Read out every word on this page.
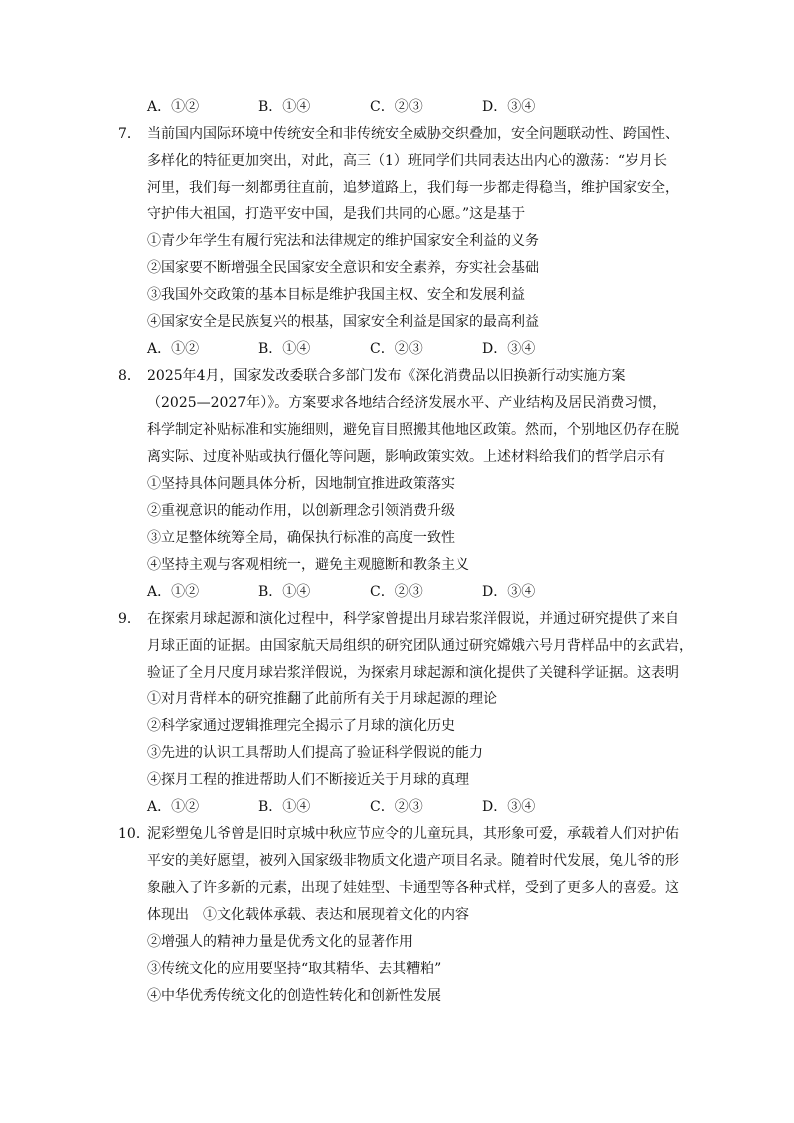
A．①②	B．①④	C．②③	D．③④
7． 当前国内国际环境中传统安全和非传统安全威胁交织叠加，安全问题联动性、跨国性、
多样化的特征更加突出，对此，高三（1）班同学们共同表达出内心的激荡：“岁月长
河里，我们每一刻都勇往直前，追梦道路上，我们每一步都走得稳当，维护国家安全，
守护伟大祖国，打造平安中国，是我们共同的心愿。”这是基于
①青少年学生有履行宪法和法律规定的维护国家安全利益的义务
②国家要不断增强全民国家安全意识和安全素养，夯实社会基础
③我国外交政策的基本目标是维护我国主权、安全和发展利益
④国家安全是民族复兴的根基，国家安全利益是国家的最高利益
A．①②	B．①④	C．②③	D．③④
8． 2025年4月，国家发改委联合多部门发布《深化消费品以旧换新行动实施方案
（2025—2027年）》。方案要求各地结合经济发展水平、产业结构及居民消费习惯，
科学制定补贴标准和实施细则，避免盲目照搬其他地区政策。然而，个别地区仍存在脱
离实际、过度补贴或执行僵化等问题，影响政策实效。上述材料给我们的哲学启示有
①坚持具体问题具体分析，因地制宜推进政策落实
②重视意识的能动作用，以创新理念引领消费升级
③立足整体统筹全局，确保执行标准的高度一致性
④坚持主观与客观相统一，避免主观臆断和教条主义
A．①②	B．①④	C．②③	D．③④
9． 在探索月球起源和演化过程中，科学家曾提出月球岩浆洋假说，并通过研究提供了来自
月球正面的证据。由国家航天局组织的研究团队通过研究嫦娥六号月背样品中的玄武岩，
验证了全月尺度月球岩浆洋假说，为探索月球起源和演化提供了关键科学证据。这表明
①对月背样本的研究推翻了此前所有关于月球起源的理论
②科学家通过逻辑推理完全揭示了月球的演化历史
③先进的认识工具帮助人们提高了验证科学假说的能力
④探月工程的推进帮助人们不断接近关于月球的真理
A．①②	B．①④	C．②③	D．③④
10．
泥彩塑兔儿爷曾是旧时京城中秋应节应令的儿童玩具，其形象可爱，承载着人们对护佑
平安的美好愿望，被列入国家级非物质文化遗产项目名录。随着时代发展，兔儿爷的形
象融入了许多新的元素，出现了娃娃型、卡通型等各种式样，受到了更多人的喜爱。这
体现出　①文化载体承载、表达和展现着文化的内容
②增强人的精神力量是优秀文化的显著作用
③传统文化的应用要坚持“取其精华、去其糟粕”
④中华优秀传统文化的创造性转化和创新性发展
